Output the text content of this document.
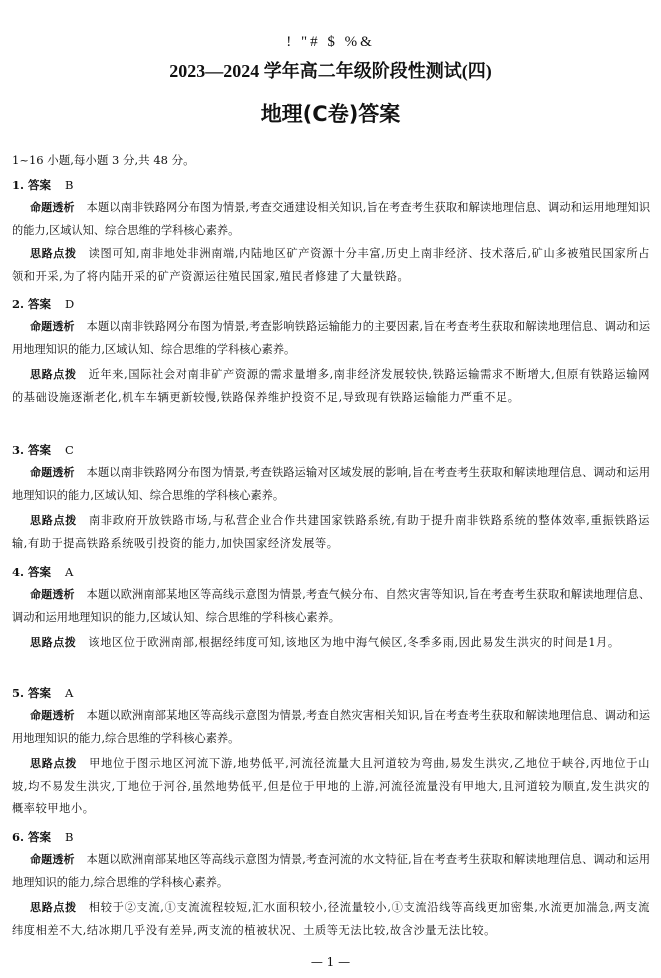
! "# $ %&
2023—2024 学年高二年级阶段性测试(四)
地理(C卷)答案
1~16 小题,每小题 3 分,共 48 分。
1. 答案 B
命题透析 本题以南非铁路网分布图为情景,考查交通建设相关知识,旨在考查考生获取和解读地理信息、调动和运用地理知识的能力,区域认知、综合思维的学科核心素养。
思路点拨 读图可知,南非地处非洲南端,内陆地区矿产资源十分丰富,历史上南非经济、技术落后,矿山多被殖民国家所占领和开采,为了将内陆开采的矿产资源运往殖民国家,殖民者修建了大量铁路。
2. 答案 D
命题透析 本题以南非铁路网分布图为情景,考查影响铁路运输能力的主要因素,旨在考查考生获取和解读地理信息、调动和运用地理知识的能力,区域认知、综合思维的学科核心素养。
思路点拨 近年来,国际社会对南非矿产资源的需求量增多,南非经济发展较快,铁路运输需求不断增大,但原有铁路运输网的基础设施逐渐老化,机车车辆更新较慢,铁路保养维护投资不足,导致现有铁路运输能力严重不足。
3. 答案 C
命题透析 本题以南非铁路网分布图为情景,考查铁路运输对区域发展的影响,旨在考查考生获取和解读地理信息、调动和运用地理知识的能力,区域认知、综合思维的学科核心素养。
思路点拨 南非政府开放铁路市场,与私营企业合作共建国家铁路系统,有助于提升南非铁路系统的整体效率,重振铁路运输,有助于提高铁路系统吸引投资的能力,加快国家经济发展等。
4. 答案 A
命题透析 本题以欧洲南部某地区等高线示意图为情景,考查气候分布、自然灾害等知识,旨在考查考生获取和解读地理信息、调动和运用地理知识的能力,区域认知、综合思维的学科核心素养。
思路点拨 该地区位于欧洲南部,根据经纬度可知,该地区为地中海气候区,冬季多雨,因此易发生洪灾的时间是1月。
5. 答案 A
命题透析 本题以欧洲南部某地区等高线示意图为情景,考查自然灾害相关知识,旨在考查考生获取和解读地理信息、调动和运用地理知识的能力,综合思维的学科核心素养。
思路点拨 甲地位于图示地区河流下游,地势低平,河流径流量大且河道较为弯曲,易发生洪灾,乙地位于峡谷,丙地位于山坡,均不易发生洪灾,丁地位于河谷,虽然地势低平,但是位于甲地的上游,河流径流量没有甲地大,且河道较为顺直,发生洪灾的概率较甲地小。
6. 答案 B
命题透析 本题以欧洲南部某地区等高线示意图为情景,考查河流的水文特征,旨在考查考生获取和解读地理信息、调动和运用地理知识的能力,综合思维的学科核心素养。
思路点拨 相较于②支流,①支流流程较短,汇水面积较小,径流量较小,①支流沿线等高线更加密集,水流更加湍急,两支流纬度相差不大,结冰期几乎没有差异,两支流的植被状况、土质等无法比较,故含沙量无法比较。
— 1 —
